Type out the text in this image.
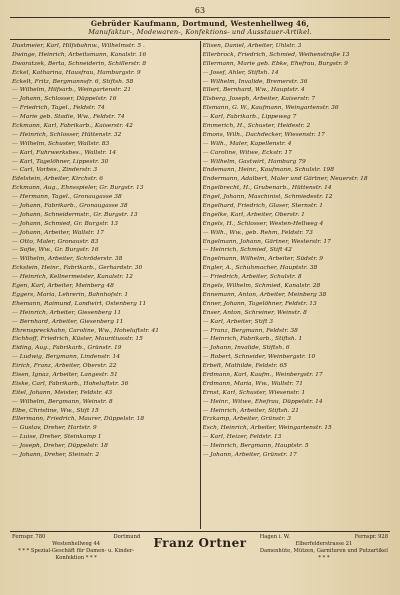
63
Gebrüder Kaufmann, Dortmund, Westenhellweg 46,
Manufaktur-, Modewaren-, Konfektions- und Ausstauer-Artikel.
Dustmeier, Karl, Hilfsbahnw., Wilhelmstr. 5 .
Dwinge, Heinrich, Arbeitsmann, Kanalstr. 16
Dworatzek, Berta, Schneiderin, Schillerstr. 8
Eckel, Katharina, Hausfrau, Hamburgstr. 9
Eckelt, Fritz, Bergmannsfr. 6, Stiftsh. 58
— Wilhelm, Hilfsarb., Weingartenstr. 21
— Johann, Schlosser, Düppelstr. 16
— Friedrich, Tagel., Feldstr. 74
— Marie geb. Stadie, Ww., Feldstr. 74
Eckmann, Karl, Fabrikarb., Kaiserstr. 42
— Heinrich, Schlosser, Hüttenstr. 32
— Wilhelm, Schuster, Wallstr. 83
— Karl, Fuhrwerksbes., Wallstr. 14
— Karl, Tagelöhner, Lippestr. 30
— Carl, Vorbes., Zinderstr. 3
Edelstein, Arbeiter, Kirchstr. 6
Eckmann, Aug., Ehnsspieler, Gr. Burgstr. 13
— Hermann, Tagel., Gronaugasse 38
— Johann, Fabrikarb., Gronaugasse 38
— Johann, Schneidermstr., Gr. Burgstr. 13
— Johann, Schmied, Gr. Burgstr. 13
— Johann, Arbeiter, Wallstr. 17
— Otto, Maler, Gronaustr. 83
— Sofie, Ww., Gr. Burgstr. 16
— Wilhelm, Arbeiter, Schröderstr. 38
Eckstein, Heinr., Fabrikarb., Gerhardstr. 30
— Heinrich, Kellnermeister, Kanalstr. 12
Egen, Karl, Arbeiter, Meinberg 48
Eggers, Maria, Lehrerin, Bahnhofstr. 1
Ehemann, Raimund, Landwirt, Ostenberg 11
— Heinrich, Arbeiter, Giesenberg 11
— Bernhard, Arbeiter, Giesenberg 11
Ehrenspreckhahn, Caroline, Ww., Hoheluftstr. 41
Eichhoff, Friedrich, Küster, Mauritiusstr. 15
Eiding, Aug., Fabrikarb., Grünstr. 19
— Ludwig, Bergmann, Lindenstr. 14
Eirich, Franz, Arbeiter, Oberstr. 22
Eisen, Ignaz, Arbeiter, Langestr. 51
Eiske, Carl, Fabrikarb., Hoheluftstr. 36
Eitel, Johann, Meister, Feldstr. 43
— Wilhelm, Bergmann, Weinstr. 8
Elbe, Christine, Ww., Stift 15
Ellermann, Friedrich, Maurer, Düppelstr. 18
— Gustav, Dreher, Hartstr. 9
— Luise, Dreher, Steinkamp 1
— Joseph, Dreher, Düppelstr. 18
— Johann, Dreher, Steinstr. 2
Elisen, Daniel, Arbeiter, Uhlstr. 3
Ellerbrock, Friedrich, Schmied, Weihenstraße 13
Ellermann, Marie geb. Ebke, Ehefrau, Burgstr. 9
— Josef, Ahler, Stiftsh. 14
— Wilhelm, Invalide, Bremerstr. 36
Ellert, Bernhard, Ww., Hauptstr. 4
Elsberg, Joseph, Arbeiter, Kaiserstr. 7
Elsmann, G. W., Kaufmann, Weingartenstr. 36
— Karl, Fabrikarb., Lippeweg 7
Emmerich, H., Schuster, Heidestr. 2
Emons, Wilh., Dachdecker, Wiesenstr. 17
— Wilh., Maler, Kapellenstr. 4
— Caroline, Witwe, Eckstr. 17
— Wilhelm, Gastwirt, Hamburg 79
Endemann, Heinr., Kaufmann, Schulstr. 198
Endermann, Adalbert, Maler und Gärtner, Neuerstr. 18
Engelbrecht, H., Grubenarb., Hüttenstr. 14
Engel, Johann, Maschinist, Schmiedestr. 12
Engelhard, Friedrich, Glaser, Sternstr. 1
Engelke, Karl, Arbeiter, Oberstr. 1
Engels, H., Schlosser, Westen-Hellweg 4
— Wilh., Ww., geb. Rehm, Feldstr. 73
Engelmann, Johann, Gärtner, Westerstr. 17
— Heinrich, Schmied, Stift 42
Engelmann, Wilhelm, Arbeiter, Südstr. 9
Engler, A., Schuhmacher, Hauptstr. 38
— Friedrich, Arbeiter, Schulstr. 8
Engels, Wilhelm, Schmied, Kanalstr. 28
Ennemann, Anton, Arbeiter, Meinberg 38
Enner, Johann, Tagelöhner, Feldstr. 13
Enser, Anton, Schreiner, Weinstr. 8
— Karl, Arbeiter, Stift 3
— Franz, Bergmann, Feldstr. 38
— Heinrich, Fabrikarb., Stiftsh. 1
— Johann, Invalide, Stiftsh. 6
— Robert, Schneider, Weinbergstr. 10
Erbelt, Mathilde, Feldstr. 65
Erdmann, Karl, Kaufm., Weinbergstr. 17
Erdmann, Maria, Ww., Wallstr. 71
Ernst, Karl, Schuster, Wiesenstr. 1
— Heinr., Witwe, Ehefrau, Düppelstr. 14
— Heinrich, Arbeiter, Stiftsh. 21
Erzkamp, Arbeiter, Grünstr. 3
Esch, Heinrich, Arbeiter, Weingartenstr. 15
— Karl, Heizer, Feldstr. 13
— Heinrich, Bergmann, Hauptstr. 5
— Johann, Arbeiter, Grünstr. 17
Fernspr. 780	Dortmund
Westenhellweg 44
* * * Spezial-Geschäft für Damen- u. Kinder-Konfektion * * *
Franz Ortner	Hagen i. W.	Fernspr. 928
Elberfelderstrasse 21
Damenhüte, Mützen, Garnituren und Putzartikel * * *
